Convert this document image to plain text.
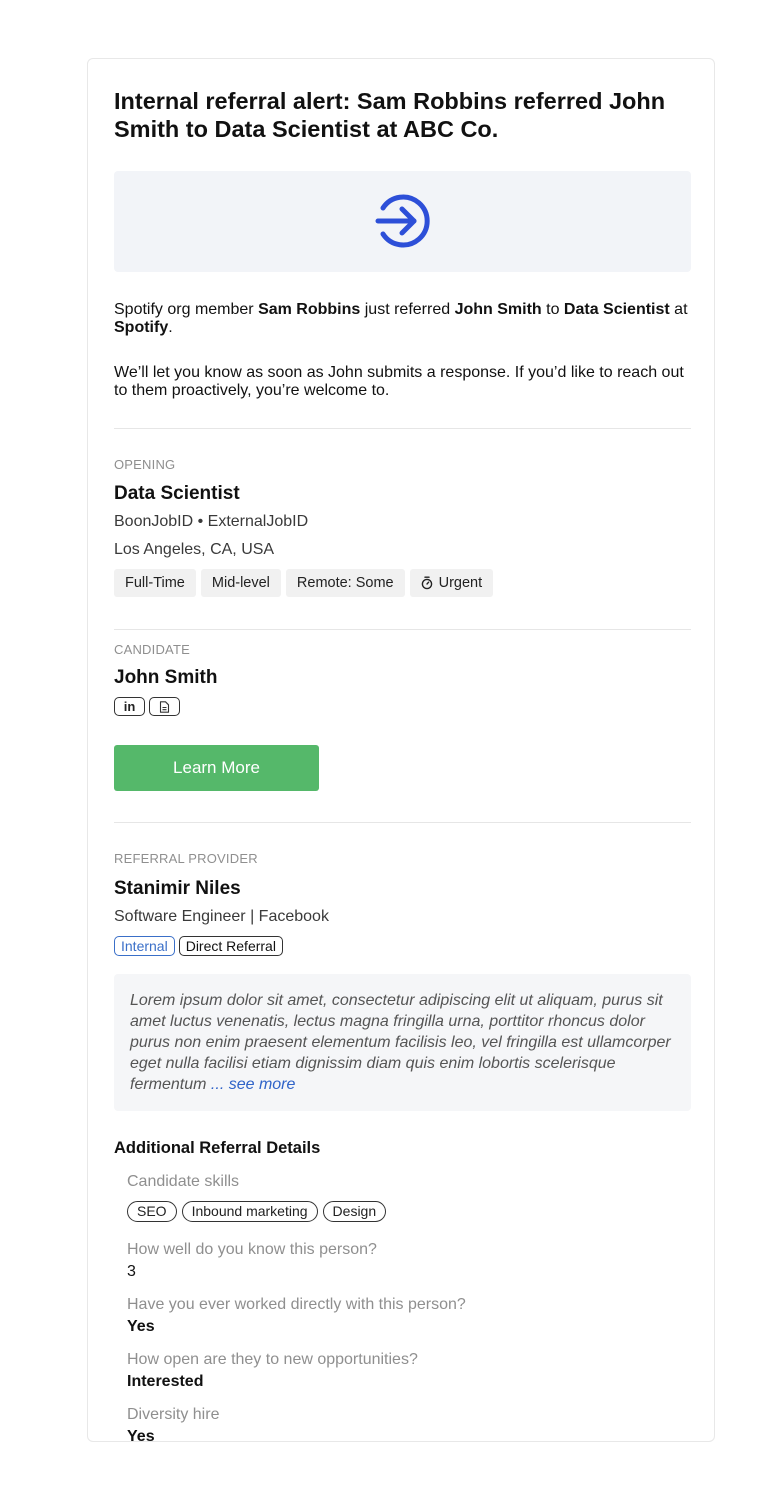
Internal referral alert: Sam Robbins referred John Smith to Data Scientist at ABC Co.

Spotify org member Sam Robbins just referred John Smith to Data Scientist at Spotify.

We’ll let you know as soon as John submits a response. If you’d like to reach out to them proactively, you’re welcome to.

OPENING
Data Scientist
BoonJobID • ExternalJobID
Los Angeles, CA, USA
Full-Time	Mid-level	Remote: Some	Urgent
CANDIDATE
John Smith
in
Learn More
REFERRAL PROVIDER
Stanimir Niles
Software Engineer | Facebook
Internal	Direct Referral

Lorem ipsum dolor sit amet, consectetur adipiscing elit ut aliquam, purus sit amet luctus venenatis, lectus magna fringilla urna, porttitor rhoncus dolor purus non enim praesent elementum facilisis leo, vel fringilla est ullamcorper eget nulla facilisi etiam dignissim diam quis enim lobortis scelerisque fermentum ... see more

Additional Referral Details
Candidate skills
SEO	Inbound marketing	Design
How well do you know this person?
3
Have you ever worked directly with this person?
Yes
How open are they to new opportunities?
Interested
Diversity hire
Yes
